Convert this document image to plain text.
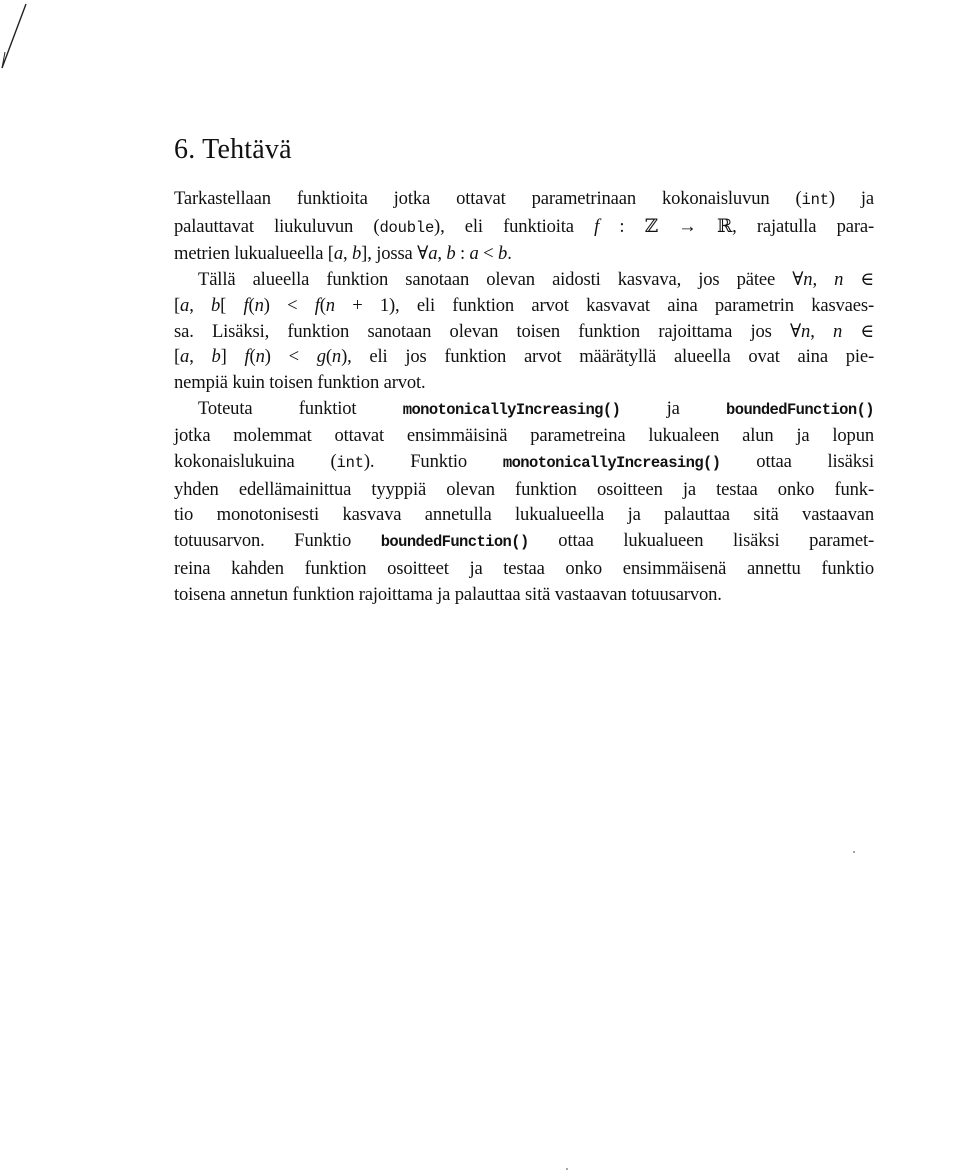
6. Tehtävä
Tarkastellaan funktioita jotka ottavat parametrinaan kokonaisluvun (int) ja
palauttavat liukuluvun (double), eli funktioita f : ℤ → ℝ, rajatulla para-
metrien lukualueella [a, b], jossa ∀a, b : a < b.
Tällä alueella funktion sanotaan olevan aidosti kasvava, jos pätee ∀n, n ∈
[a, b[ f(n) < f(n + 1), eli funktion arvot kasvavat aina parametrin kasvaes-
sa. Lisäksi, funktion sanotaan olevan toisen funktion rajoittama jos ∀n, n ∈
[a, b] f(n) < g(n), eli jos funktion arvot määrätyllä alueella ovat aina pie-
nempiä kuin toisen funktion arvot.
Toteuta funktiot monotonicallyIncreasing() ja boundedFunction()
jotka molemmat ottavat ensimmäisinä parametreina lukualeen alun ja lopun
kokonaislukuina (int). Funktio monotonicallyIncreasing() ottaa lisäksi
yhden edellämainittua tyyppiä olevan funktion osoitteen ja testaa onko funk-
tio monotonisesti kasvava annetulla lukualueella ja palauttaa sitä vastaavan
totuusarvon. Funktio boundedFunction() ottaa lukualueen lisäksi paramet-
reina kahden funktion osoitteet ja testaa onko ensimmäisenä annettu funktio
toisena annetun funktion rajoittama ja palauttaa sitä vastaavan totuusarvon.
